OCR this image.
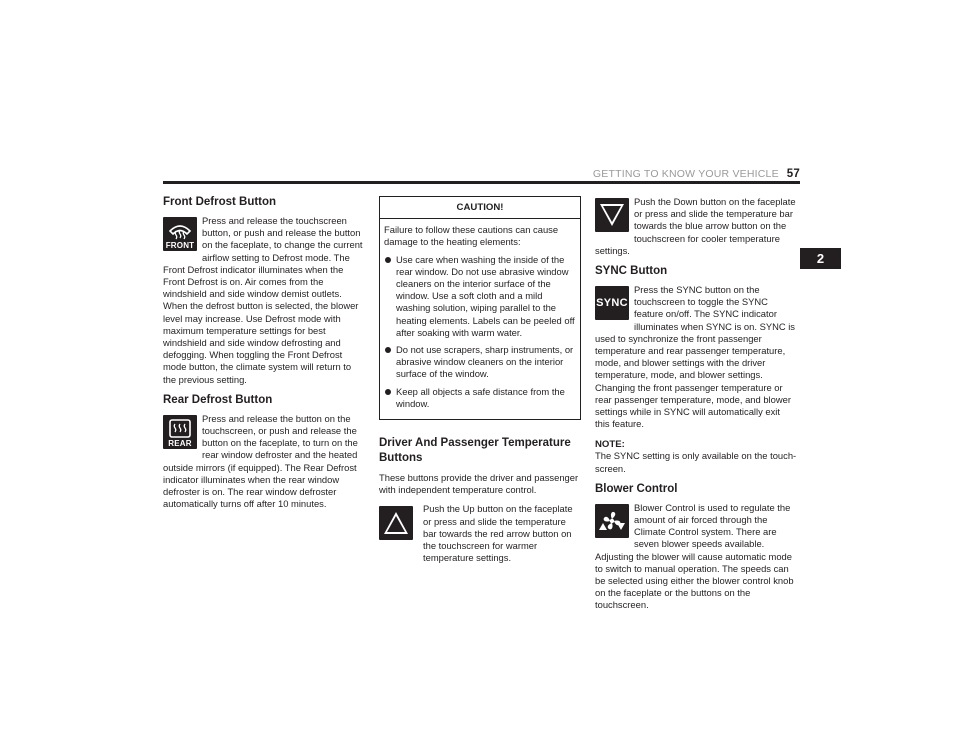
GETTING TO KNOW YOUR VEHICLE 57
2
Front Defrost Button
FRONT

Press and release the touchscreen button, or push and release the button on the faceplate, to change the current airflow setting to Defrost mode. The Front Defrost indicator illuminates when the Front Defrost is on. Air comes from the windshield and side window demist outlets. When the defrost button is selected, the blower level may increase. Use Defrost mode with maximum temperature settings for best windshield and side window defrosting and defogging. When toggling the Front Defrost mode button, the climate system will return to the previous setting.

Rear Defrost Button
REAR

Press and release the button on the touchscreen, or push and release the button on the faceplate, to turn on the rear window defroster and the heated outside mirrors (if equipped). The Rear Defrost indicator illuminates when the rear window defroster is on. The rear window defroster automatically turns off after 10 minutes.

CAUTION!

Failure to follow these cautions can cause damage to the heating elements:

Use care when washing the inside of the rear window. Do not use abrasive window cleaners on the interior surface of the window. Use a soft cloth and a mild washing solution, wiping parallel to the heating elements. Labels can be peeled off after soaking with warm water.
Do not use scrapers, sharp instruments, or abrasive window cleaners on the interior surface of the window.
Keep all objects a safe distance from the window.
Driver And Passenger Temperature Buttons

These buttons provide the driver and passenger with independent temperature control.

Push the Up button on the faceplate or press and slide the temperature bar towards the red arrow button on the touchscreen for warmer temperature settings.

Push the Down button on the faceplate or press and slide the temperature bar towards the blue arrow button on the touchscreen for cooler temperature settings.

SYNC Button
SYNC

Press the SYNC button on the touchscreen to toggle the SYNC feature on/off. The SYNC indicator illuminates when SYNC is on. SYNC is used to synchronize the front passenger temperature and rear passenger temperature, mode, and blower settings with the driver temperature, mode, and blower settings. Changing the front passenger temperature or rear passenger temperature, mode, and blower settings while in SYNC will automatically exit this feature.

NOTE:

The SYNC setting is only available on the touch-screen.

Blower Control

Blower Control is used to regulate the amount of air forced through the Climate Control system. There are seven blower speeds available. Adjusting the blower will cause automatic mode to switch to manual operation. The speeds can be selected using either the blower control knob on the faceplate or the buttons on the touchscreen.
